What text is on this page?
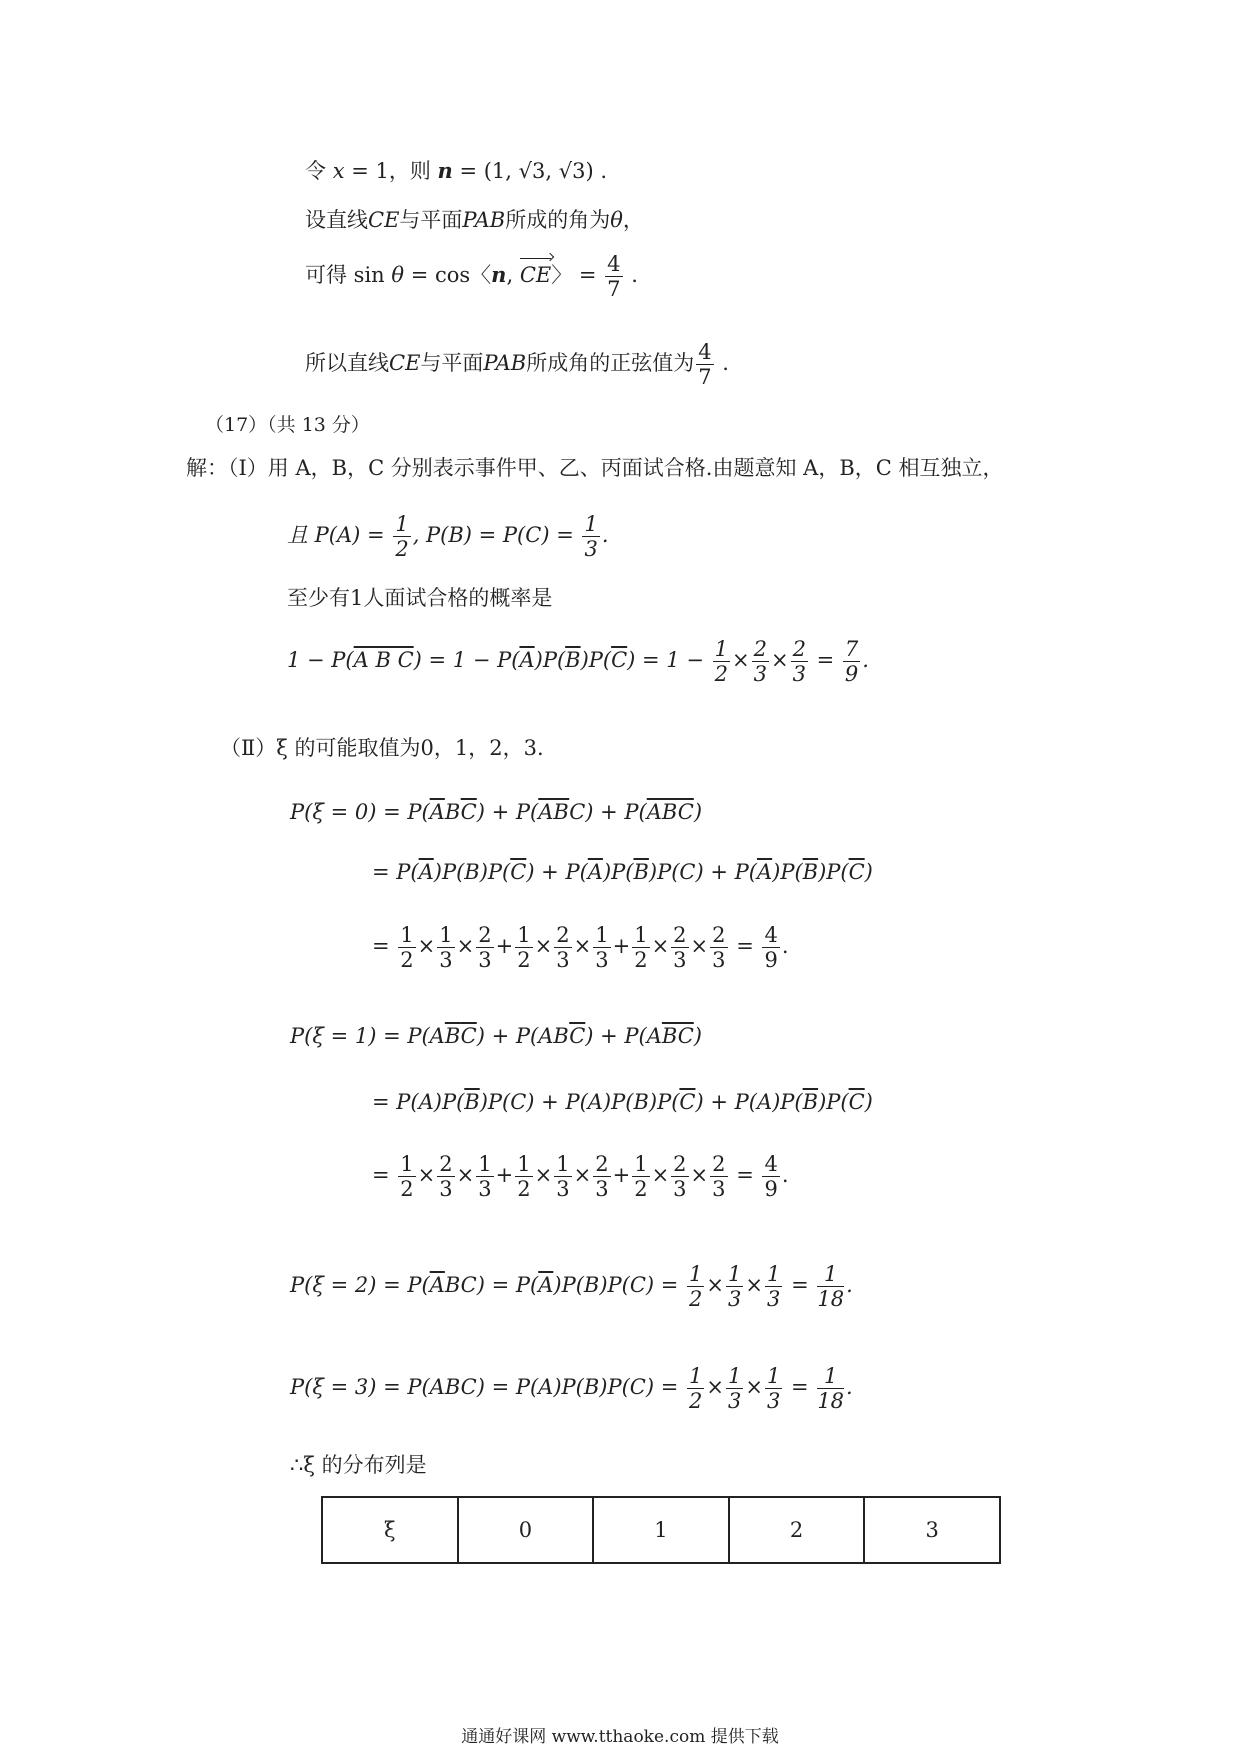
令 x = 1，则 n = (1, √3, √3) .
设直线CE与平面PAB所成的角为θ，
可得 sin θ = cos〈n, CE〉 = $\frac{4}{7}$ .
所以直线CE与平面PAB所成角的正弦值为 $\frac{4}{7}$ .
（17）（共 13 分）
解：（Ⅰ）用 A，B，C 分别表示事件甲、乙、丙面试合格.由题意知 A，B，C 相互独立，
且 $P(A) = \frac{1}{2}$ , $P(B) = P(C) = \frac{1}{3}$ .
至少有1人面试合格的概率是
1 − P(A B $C) = 1 - P(\overline{A})P(\overline{B})P(\overline{C}) = 1 - \frac{1}{2} \times \frac{2}{3} \times \frac{2}{3} = \frac{7}{9}$ .
（Ⅱ）ξ 的可能取值为0，1，2，3.
$P(\xi = 0) = P(\overline{A}B\overline{C}) + P(\overline{AB}C) + P(\overline{ABC})$
= $P(\overline{A})P(B)P(\overline{C}) + P(\overline{A})P(\overline{B})P(C) + P(\overline{A})P(\overline{B})P(\overline{C})$
= $\frac{1}{2} \times \frac{1}{3} \times \frac{2}{3} + \frac{1}{2} \times \frac{2}{3} \times \frac{1}{3} + \frac{1}{2} \times \frac{2}{3} \times \frac{2}{3} = \frac{4}{9}$ .
$P(\xi = 1) = P(A\overline{B}\overline{C}) + P(AB\overline{C}) + P(A\overline{BC})$
= $P(A)P(\overline{B})P(C) + P(A)P(B)P(\overline{C}) + P(A)P(\overline{B})P(\overline{C})$
= $\frac{1}{2} \times \frac{2}{3} \times \frac{1}{3} + \frac{1}{2} \times \frac{1}{3} \times \frac{2}{3} + \frac{1}{2} \times \frac{2}{3} \times \frac{2}{3} = \frac{4}{9}$ .
$P(\xi = 2) = P(\overline{A}BC) = P(\overline{A})P(B)P(C) = \frac{1}{2} \times \frac{1}{3} \times \frac{1}{3} = \frac{1}{18}$ .
$P(\xi = 3) = P(ABC) = P(A)P(B)P(C) = \frac{1}{2} \times \frac{1}{3} \times \frac{1}{3} = \frac{1}{18}$ .
∴ξ 的分布列是
ξ	0	1	2	3
通通好课网 www.tthaoke.com 提供下载
